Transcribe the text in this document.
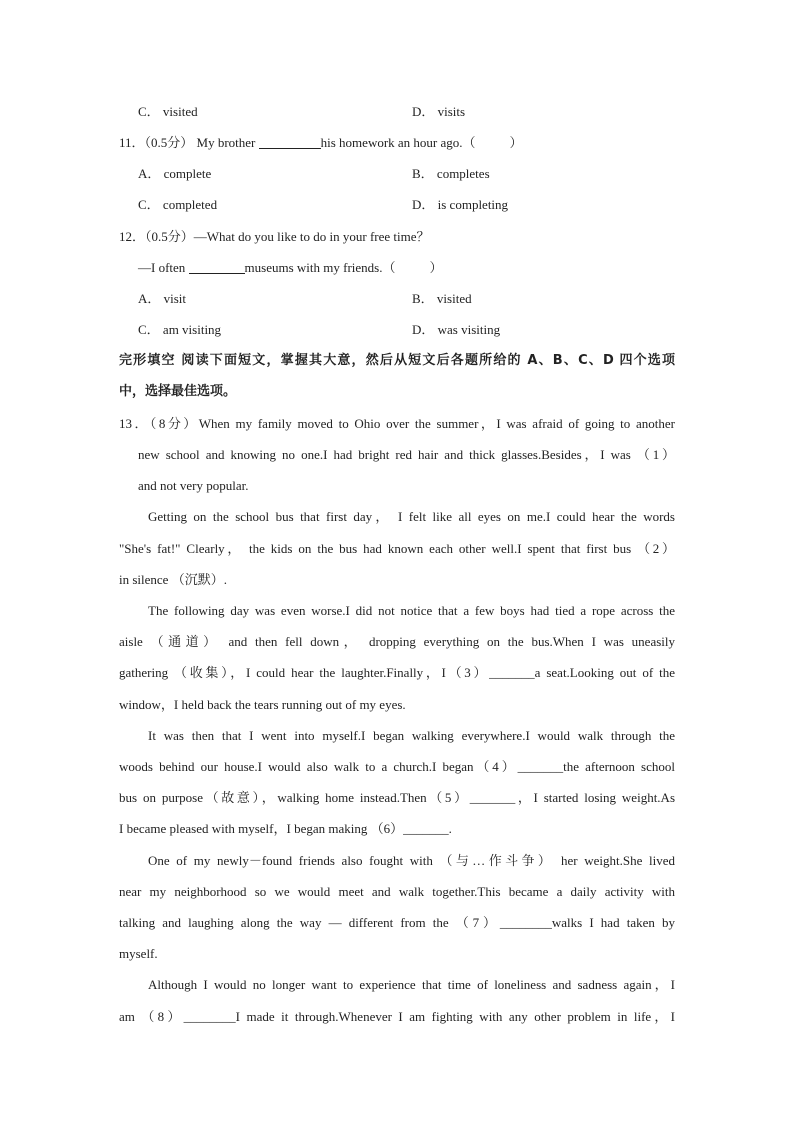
C． visited	D． visits
11．（0.5分） My brother	his homework an hour ago.（	）
A． complete	B． completes
C． completed	D． is completing
12．（0.5分）—What do you like to do in your free time？
—I often	museums with my friends.（	）
A． visit	B． visited
C． am visiting	D． was visiting
完形填空 阅读下面短文，掌握其大意，然后从短文后各题所给的 A、B、C、D 四个选项
中，选择最佳选项。
13．（8分）When my family moved to Ohio over the summer，I was afraid of going to another
new school and knowing no one.I had bright red hair and thick glasses.Besides，I was （1）
and not very popular.
Getting on the school bus that first day， I felt like all eyes on me.I could hear the words
"She's fat!" Clearly， the kids on the bus had known each other well.I spent that first bus （2）
in silence （沉默）.
The following day was even worse.I did not notice that a few boys had tied a rope across the
aisle （通道） and then fell down， dropping everything on the bus.When I was uneasily
gathering （收集），I could hear the laughter.Finally，I（3）_______a seat.Looking out of the
window，I held back the tears running out of my eyes.
It was then that I went into myself.I began walking everywhere.I would walk through the
woods behind our house.I would also walk to a church.I began（4）_______the afternoon school
bus on purpose（故意），walking home instead.Then（5）_______，I started losing weight.As
I became pleased with myself，I began making （6）_______.
One of my newly－found friends also fought with （与…作斗争） her weight.She lived
near my neighborhood so we would meet and walk together.This became a daily activity with
talking and laughing along the way — different from the （7）________walks I had taken by
myself.
Although I would no longer want to experience that time of loneliness and sadness again，I
am （8）________I made it through.Whenever I am fighting with any other problem in life，I
